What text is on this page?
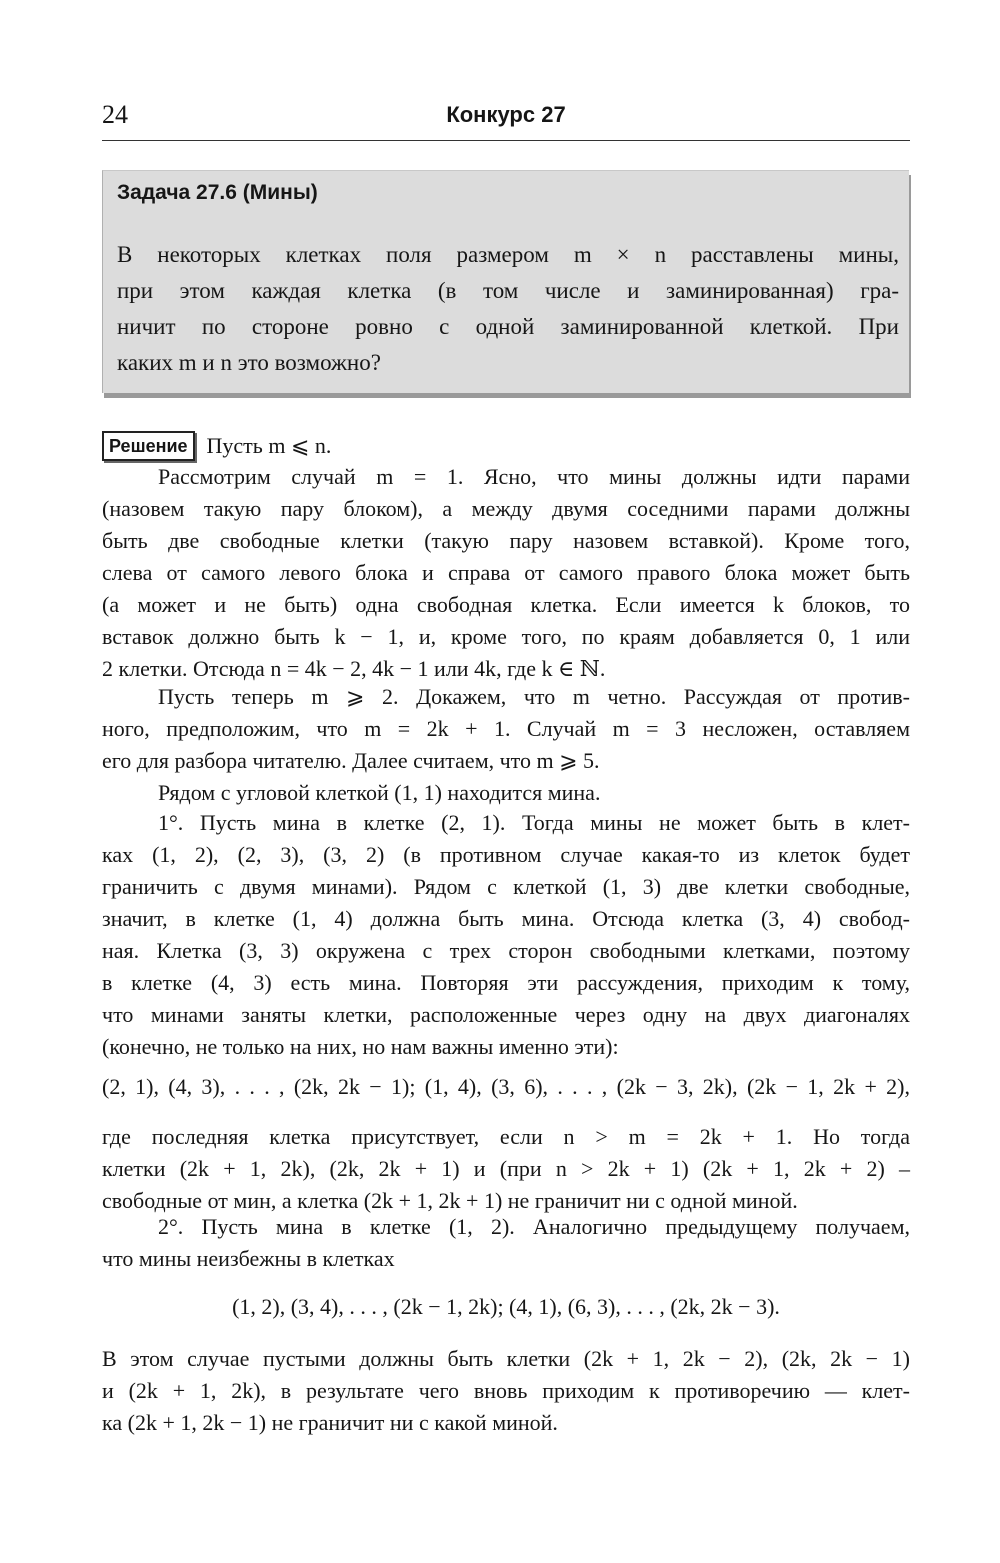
24	Конкурс 27
Задача 27.6 (Мины)
В некоторых клетках поля размером m × n расставлены мины,
при этом каждая клетка (в том числе и заминированная) гра-
ничит по стороне ровно с одной заминированной клеткой. При
каких m и n это возможно?
Решение Пусть m ⩽ n.
Рассмотрим случай m = 1. Ясно, что мины должны идти парами
(назовем такую пару блоком), а между двумя соседними парами должны
быть две свободные клетки (такую пару назовем вставкой). Кроме того,
слева от самого левого блока и справа от самого правого блока может быть
(а может и не быть) одна свободная клетка. Если имеется k блоков, то
вставок должно быть k − 1, и, кроме того, по краям добавляется 0, 1 или
2 клетки. Отсюда n = 4k − 2, 4k − 1 или 4k, где k ∈ ℕ.
Пусть теперь m ⩾ 2. Докажем, что m четно. Рассуждая от против-
ного, предположим, что m = 2k + 1. Случай m = 3 несложен, оставляем
его для разбора читателю. Далее считаем, что m ⩾ 5.
Рядом с угловой клеткой (1, 1) находится мина.
1°. Пусть мина в клетке (2, 1). Тогда мины не может быть в клет-
ках (1, 2), (2, 3), (3, 2) (в противном случае какая-то из клеток будет
граничить с двумя минами). Рядом с клеткой (1, 3) две клетки свободные,
значит, в клетке (1, 4) должна быть мина. Отсюда клетка (3, 4) свобод-
ная. Клетка (3, 3) окружена с трех сторон свободными клетками, поэтому
в клетке (4, 3) есть мина. Повторяя эти рассуждения, приходим к тому,
что минами заняты клетки, расположенные через одну на двух диагоналях
(конечно, не только на них, но нам важны именно эти):
(2, 1), (4, 3), . . . , (2k, 2k − 1); (1, 4), (3, 6), . . . , (2k − 3, 2k), (2k − 1, 2k + 2),
где последняя клетка присутствует, если n > m = 2k + 1. Но тогда
клетки (2k + 1, 2k), (2k, 2k + 1) и (при n > 2k + 1) (2k + 1, 2k + 2) –
свободные от мин, а клетка (2k + 1, 2k + 1) не граничит ни с одной миной.
2°. Пусть мина в клетке (1, 2). Аналогично предыдущему получаем,
что мины неизбежны в клетках
(1, 2), (3, 4), . . . , (2k − 1, 2k); (4, 1), (6, 3), . . . , (2k, 2k − 3).
В этом случае пустыми должны быть клетки (2k + 1, 2k − 2), (2k, 2k − 1)
и (2k + 1, 2k), в результате чего вновь приходим к противоречию — клет-
ка (2k + 1, 2k − 1) не граничит ни с какой миной.
